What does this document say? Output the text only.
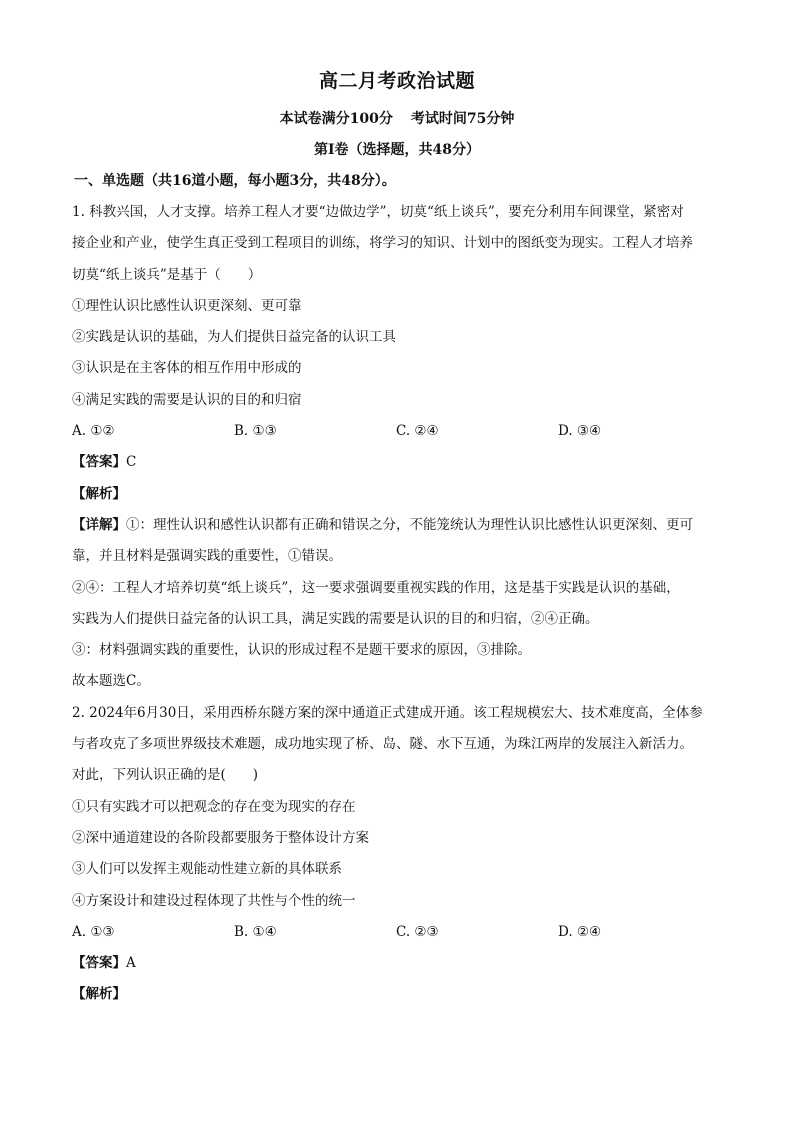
高二月考政治试题
本试卷满分100分 考试时间75分钟
第Ⅰ卷（选择题，共48分）
一、单选题（共16道小题，每小题3分，共48分）。
1. 科教兴国，人才支撑。培养工程人才要“边做边学”，切莫“纸上谈兵”，要充分利用车间课堂，紧密对
接企业和产业，使学生真正受到工程项目的训练，将学习的知识、计划中的图纸变为现实。工程人才培养
切莫“纸上谈兵”是基于（　　）
①理性认识比感性认识更深刻、更可靠
②实践是认识的基础，为人们提供日益完备的认识工具
③认识是在主客体的相互作用中形成的
④满足实践的需要是认识的目的和归宿
A. ①②	B. ①③	C. ②④	D. ③④
【答案】C
【解析】
【详解】①：理性认识和感性认识都有正确和错误之分，不能笼统认为理性认识比感性认识更深刻、更可
靠，并且材料是强调实践的重要性，①错误。
②④：工程人才培养切莫“纸上谈兵”，这一要求强调要重视实践的作用，这是基于实践是认识的基础，
实践为人们提供日益完备的认识工具，满足实践的需要是认识的目的和归宿，②④正确。
③：材料强调实践的重要性，认识的形成过程不是题干要求的原因，③排除。
故本题选C。
2. 2024年6月30日，采用西桥东隧方案的深中通道正式建成开通。该工程规模宏大、技术难度高，全体参
与者攻克了多项世界级技术难题，成功地实现了桥、岛、隧、水下互通，为珠江两岸的发展注入新活力。
对此，下列认识正确的是(　　)
①只有实践才可以把观念的存在变为现实的存在
②深中通道建设的各阶段都要服务于整体设计方案
③人们可以发挥主观能动性建立新的具体联系
④方案设计和建设过程体现了共性与个性的统一
A. ①③	B. ①④	C. ②③	D. ②④
【答案】A
【解析】
